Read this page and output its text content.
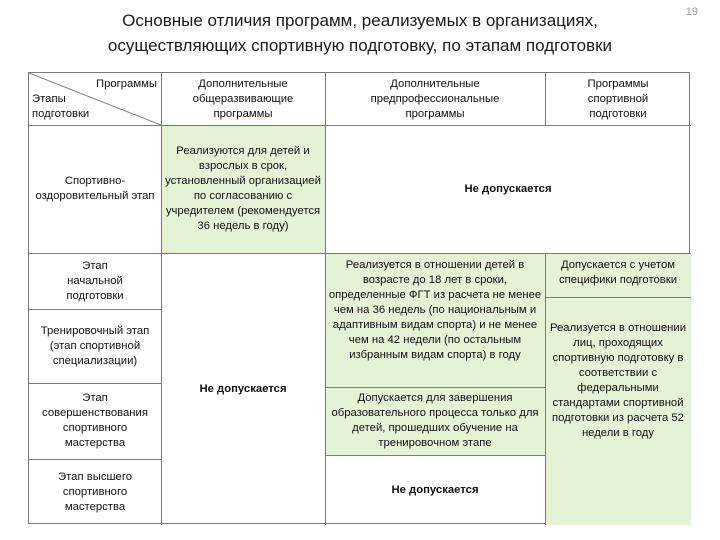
Основные отличия программ, реализуемых в организациях,
осуществляющих спортивную подготовку, по этапам подготовки
19
Реализуются для детей и взрослых в срок, установленный организацией по согласованию с учредителем (рекомендуется 36 недель в году)
Реализуется в отношении детей в возрасте до 18 лет в сроки, определенные ФГТ из расчета не менее чем на 36 недель (по национальным и адаптивным видам спорта) и не менее чем на 42 недели (по остальным избранным видам спорта) в году
Допускается для завершения образовательного процесса только для детей, прошедших обучение на тренировочном этапе
Допускается с учетом специфики подготовки
Реализуется в отношении лиц, проходящих спортивную подготовку в соответствии с федеральными стандартами спортивной подготовки из расчета 52 недели в году
Программы
Этапы
подготовки
Дополнительные общеразвивающие программы
Дополнительные предпрофессиональные программы
Программы спортивной подготовки
Спортивно-оздоровительный этап
Этап начальной подготовки
Тренировочный этап (этап спортивной специализации)
Этап совершенствования спортивного мастерства
Этап высшего спортивного мастерства
Не допускается
Не допускается
Не допускается
